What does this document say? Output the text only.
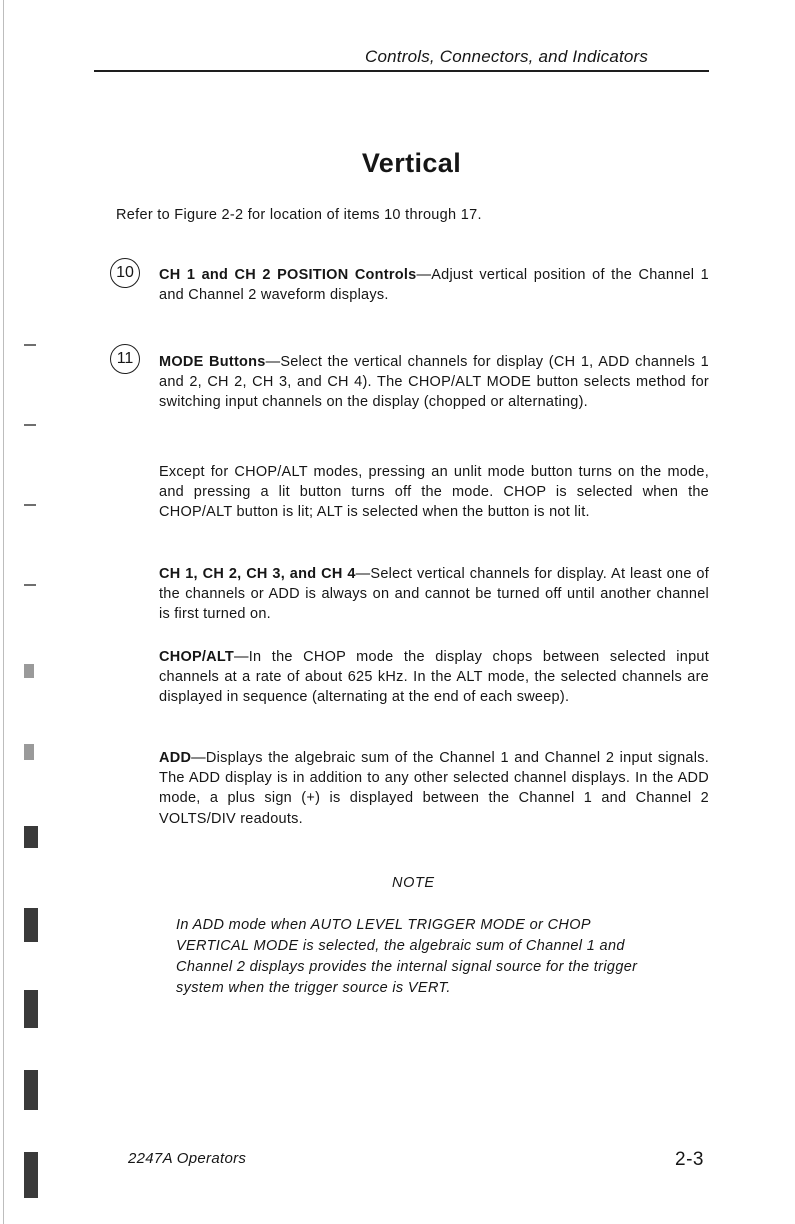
Controls, Connectors, and Indicators
Vertical
Refer to Figure 2-2 for location of items 10 through 17.
10	CH 1 and CH 2 POSITION Controls—Adjust vertical position of the Channel 1 and Channel 2 waveform displays.

11	MODE Buttons—Select the vertical channels for display (CH 1, ADD channels 1 and 2, CH 2, CH 3, and CH 4). The CHOP/ALT MODE button selects method for switching input channels on the display (chopped or alternating).

Except for CHOP/ALT modes, pressing an unlit mode button turns on the mode, and pressing a lit button turns off the mode. CHOP is selected when the CHOP/ALT button is lit; ALT is selected when the button is not lit.

CH 1, CH 2, CH 3, and CH 4—Select vertical channels for display. At least one of the channels or ADD is always on and cannot be turned off until another channel is first turned on.

CHOP/ALT—In the CHOP mode the display chops between selected input channels at a rate of about 625 kHz. In the ALT mode, the selected channels are displayed in sequence (alternating at the end of each sweep).

ADD—Displays the algebraic sum of the Channel 1 and Channel 2 input signals. The ADD display is in addition to any other selected channel displays. In the ADD mode, a plus sign (+) is displayed between the Channel 1 and Channel 2 VOLTS/DIV readouts.

NOTE

In ADD mode when AUTO LEVEL TRIGGER MODE or CHOP VERTICAL MODE is selected, the algebraic sum of Channel 1 and Channel 2 displays provides the internal signal source for the trigger system when the trigger source is VERT.

2247A Operators	2-3
